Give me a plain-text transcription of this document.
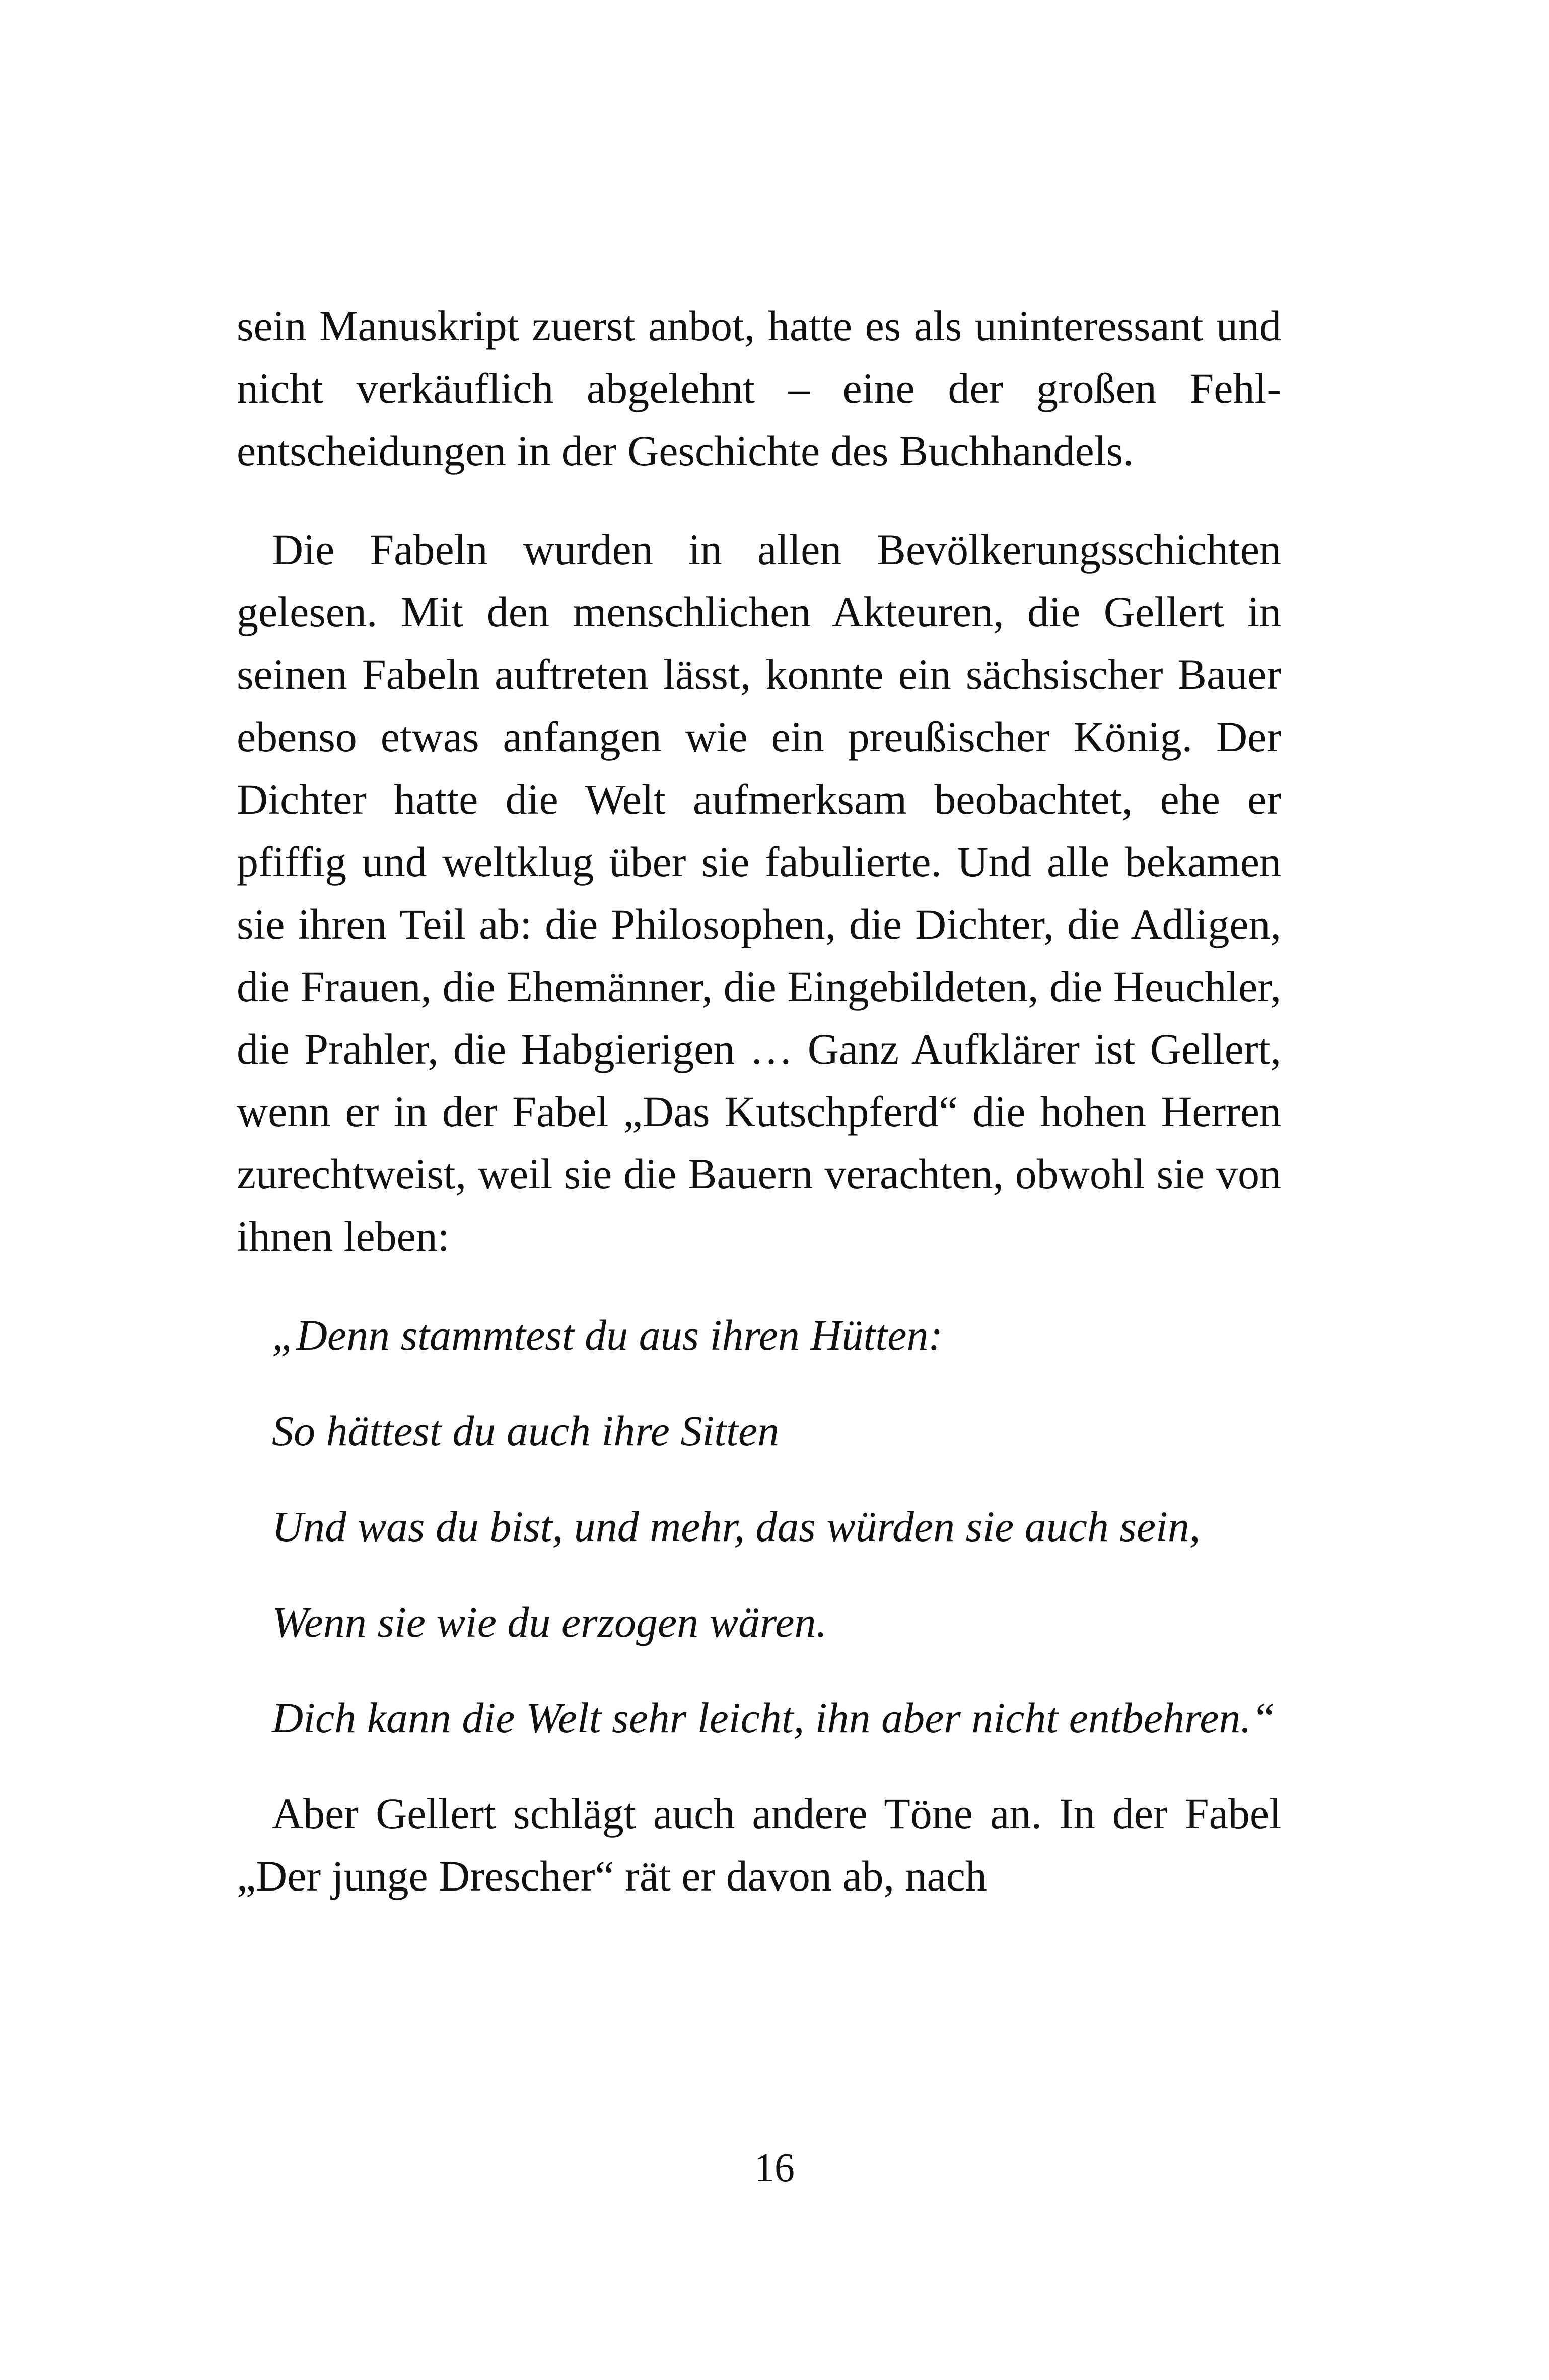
sein Manuskript zuerst anbot, hatte es als uninteressant und nicht verkäuflich abgelehnt – eine der großen Fehl-entscheidungen in der Geschichte des Buchhandels.

Die Fabeln wurden in allen Bevölkerungsschichten gelesen. Mit den menschlichen Akteuren, die Gellert in seinen Fabeln auftreten lässt, konnte ein sächsischer Bauer ebenso etwas anfangen wie ein preußischer König. Der Dichter hatte die Welt aufmerksam beobachtet, ehe er pfiffig und weltklug über sie fabulierte. Und alle bekamen sie ihren Teil ab: die Philosophen, die Dichter, die Adligen, die Frauen, die Ehemänner, die Eingebildeten, die Heuchler, die Prahler, die Habgierigen … Ganz Aufklärer ist Gellert, wenn er in der Fabel „Das Kutschpferd“ die hohen Herren zurechtweist, weil sie die Bauern verachten, obwohl sie von ihnen leben:

„Denn stammtest du aus ihren Hütten:

So hättest du auch ihre Sitten

Und was du bist, und mehr, das würden sie auch sein,

Wenn sie wie du erzogen wären.

Dich kann die Welt sehr leicht, ihn aber nicht entbehren.“

Aber Gellert schlägt auch andere Töne an. In der Fabel „Der junge Drescher“ rät er davon ab, nach

16
